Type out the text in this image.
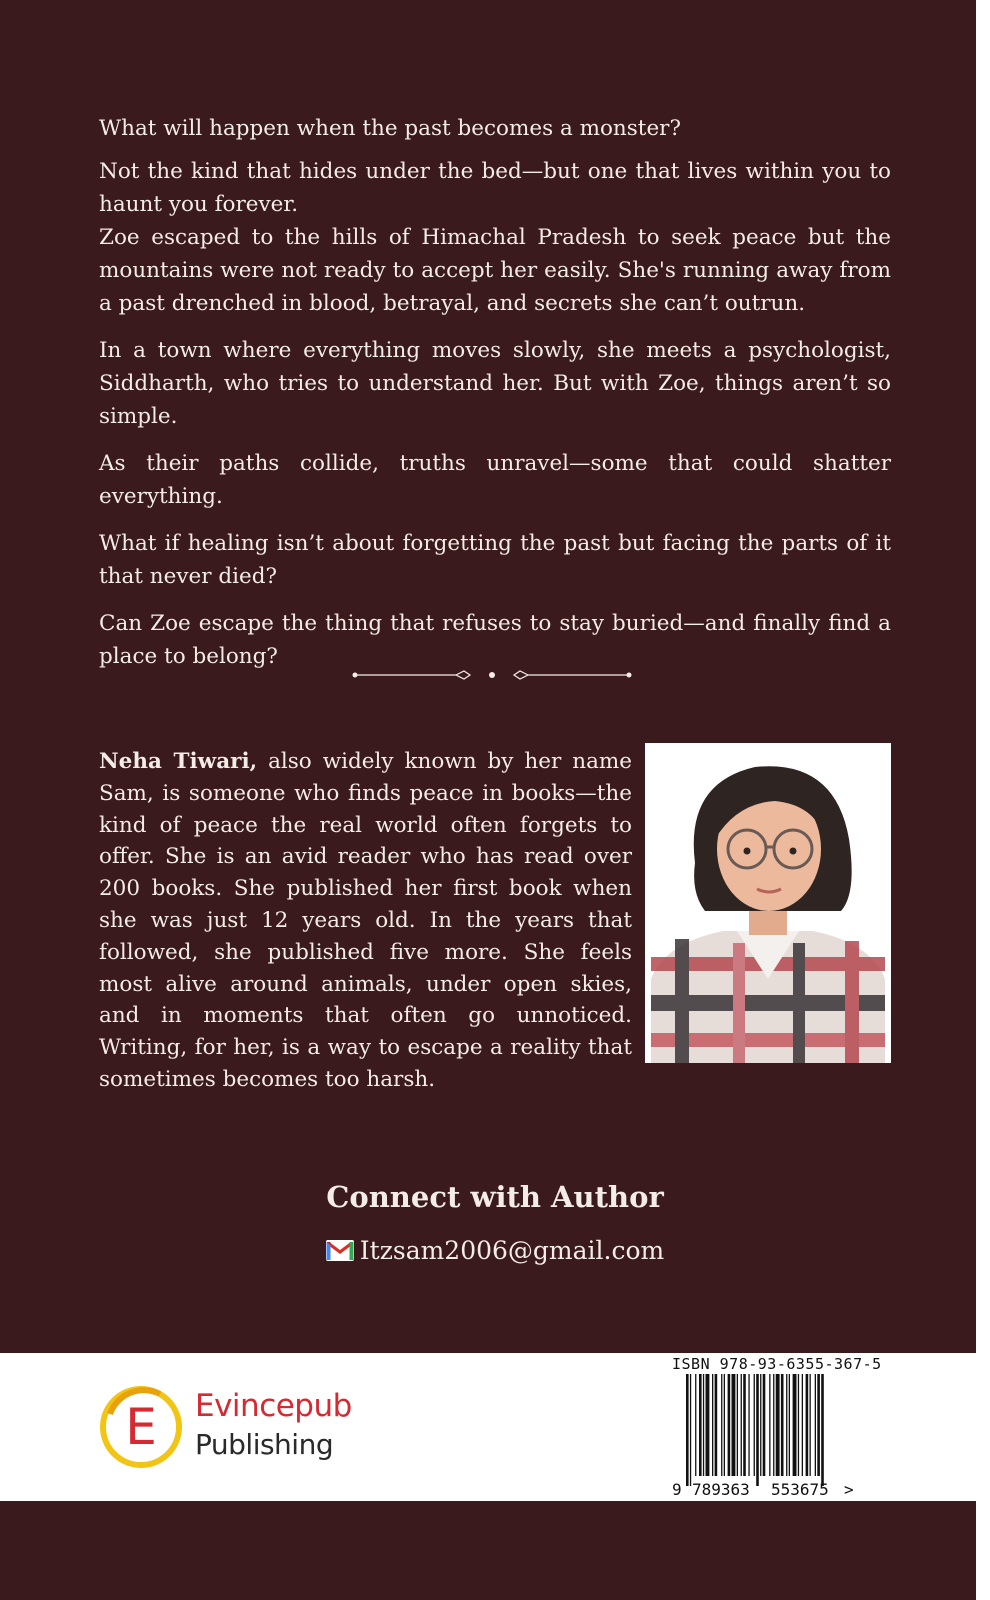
What will happen when the past becomes a monster?

Not the kind that hides under the bed—but one that lives within you to haunt you forever.

Zoe escaped to the hills of Himachal Pradesh to seek peace but the mountains were not ready to accept her easily. She's running away from a past drenched in blood, betrayal, and secrets she can’t outrun.

In a town where everything moves slowly, she meets a psychologist, Siddharth, who tries to understand her. But with Zoe, things aren’t so simple.

As their paths collide, truths unravel—some that could shatter everything.

What if healing isn’t about forgetting the past but facing the parts of it that never died?

Can Zoe escape the thing that refuses to stay buried—and finally find a place to belong?

Neha Tiwari, also widely known by her name Sam, is someone who finds peace in books—the kind of peace the real world often forgets to offer. She is an avid reader who has read over 200 books. She published her first book when she was just 12 years old. In the years that followed, she published five more. She feels most alive around animals, under open skies, and in moments that often go unnoticed. Writing, for her, is a way to escape a reality that sometimes becomes too harsh.
Connect with Author
Itzsam2006@gmail.com
E Evincepub
Publishing
ISBN 978-93-6355-367-5
9 789363 553675 >
